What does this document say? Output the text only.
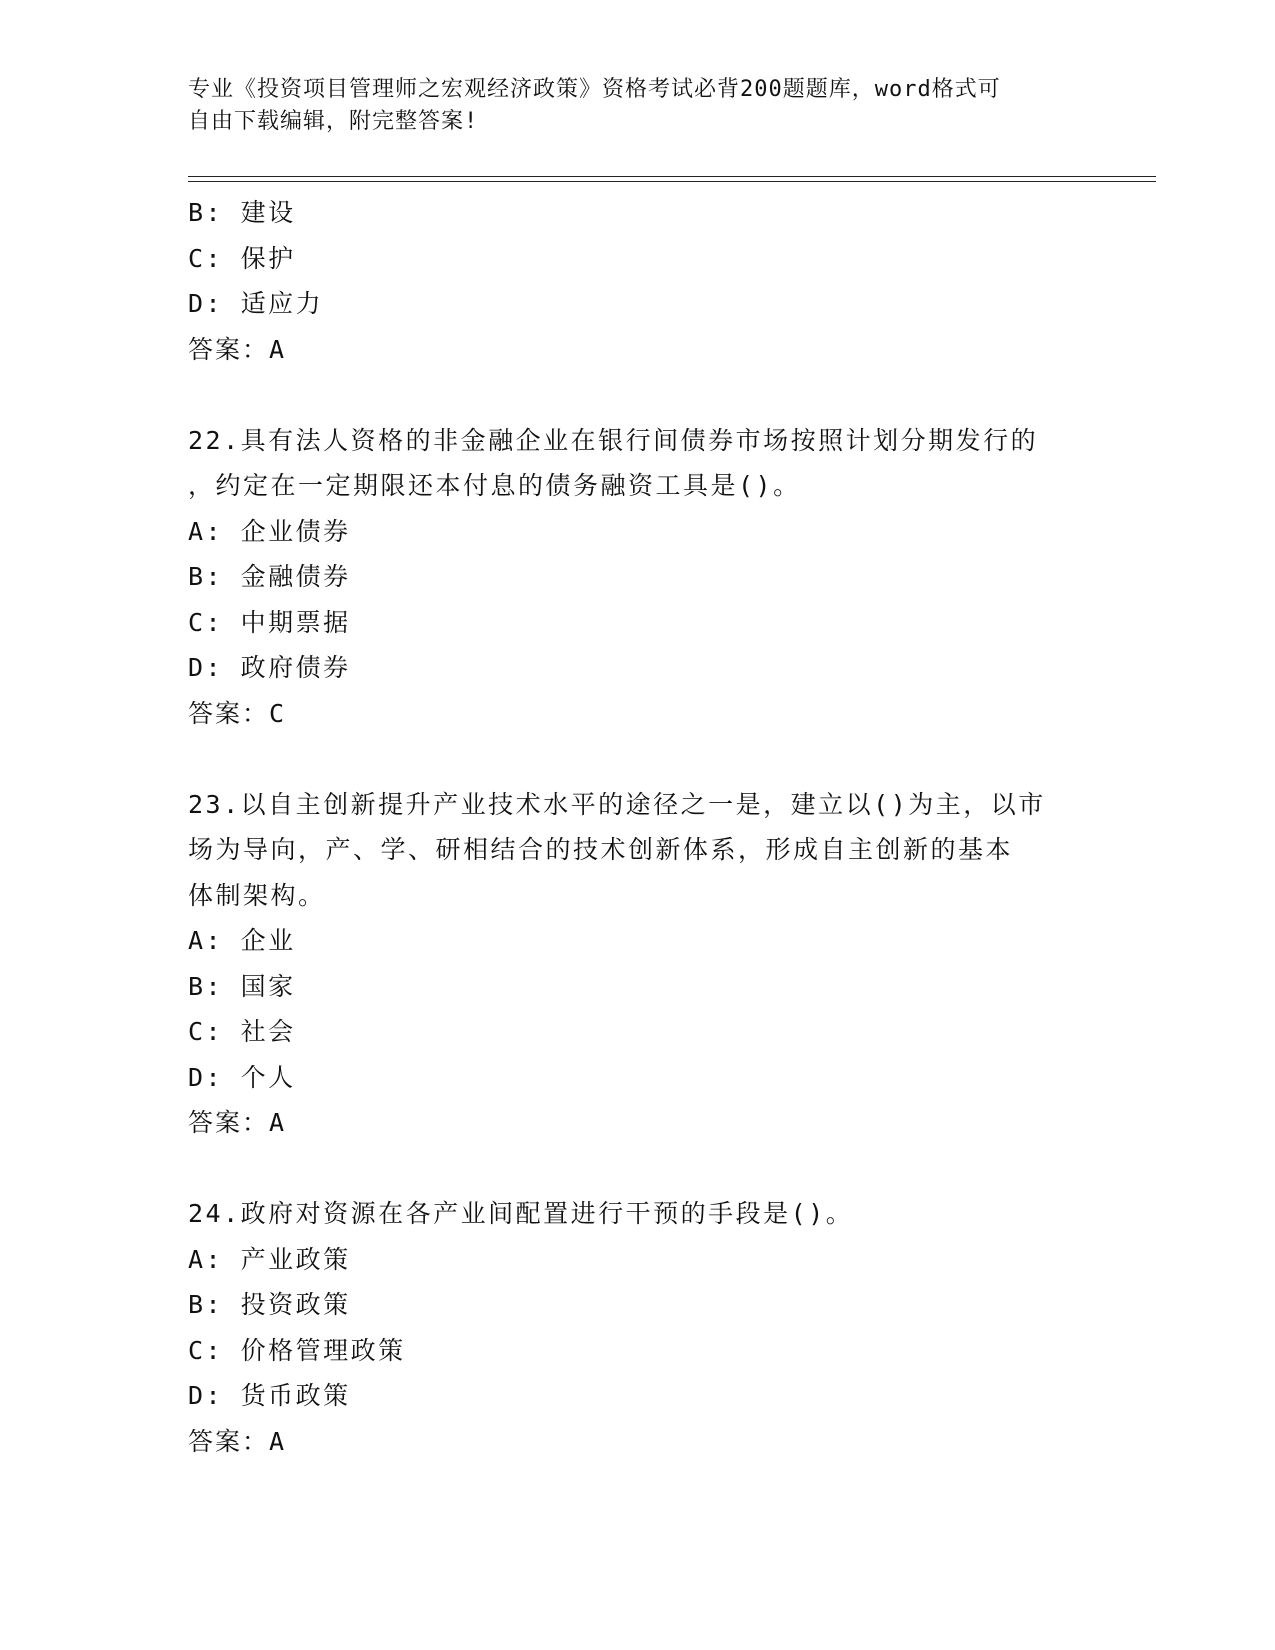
专业《投资项目管理师之宏观经济政策》资格考试必背200题题库，word格式可
自由下载编辑，附完整答案!
B: 建设
C: 保护
D: 适应力
答案：A
22.具有法人资格的非金融企业在银行间债券市场按照计划分期发行的
，约定在一定期限还本付息的债务融资工具是()。
A: 企业债券
B: 金融债券
C: 中期票据
D: 政府债券
答案：C
23.以自主创新提升产业技术水平的途径之一是，建立以()为主，以市
场为导向，产、学、研相结合的技术创新体系，形成自主创新的基本
体制架构。
A: 企业
B: 国家
C: 社会
D: 个人
答案：A
24.政府对资源在各产业间配置进行干预的手段是()。
A: 产业政策
B: 投资政策
C: 价格管理政策
D: 货币政策
答案：A
